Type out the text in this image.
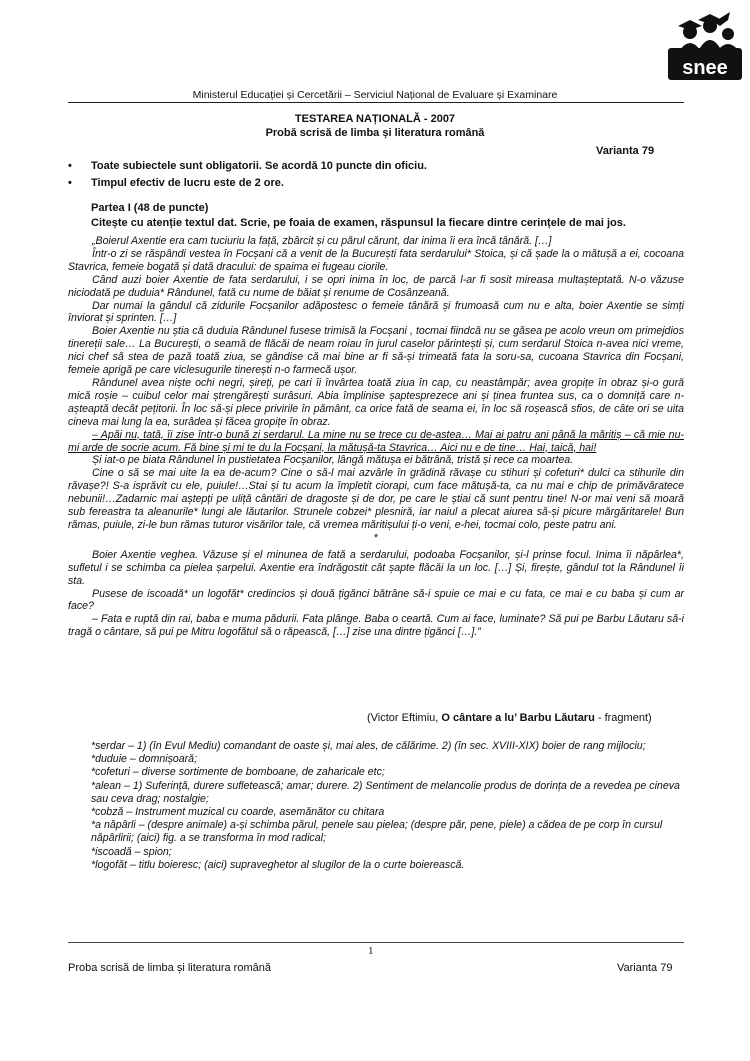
snee
Ministerul Educației și Cercetării – Serviciul Național de Evaluare și Examinare
TESTAREA NAȚIONALĂ - 2007
Probă scrisă de limba și literatura română
Varianta 79
• Toate subiectele sunt obligatorii. Se acordă 10 puncte din oficiu.
• Timpul efectiv de lucru este de 2 ore.
Partea I (48 de puncte)
Citește cu atenție textul dat. Scrie, pe foaia de examen, răspunsul la fiecare dintre cerințele de mai jos.

„Boierul Axentie era cam tuciuriu la față, zbârcit și cu părul cărunt, dar inima îi era încă tânără. […]

Într-o zi se răspândi vestea în Focșani că a venit de la București fata serdarului* Stoica, și că șade la o mătușă a ei, cocoana Stavrica, femeie bogată și dată dracului: de spaima ei fugeau ciorile.

Când auzi boier Axentie de fata serdarului, i se opri inima în loc, de parcă l-ar fi sosit mireasa multașteptată. N-o văzuse niciodată pe duduia* Rândunel, fată cu nume de băiat și renume de Cosânzeană.

Dar numai la gândul că zidurile Focșanilor adăpostesc o femeie tânără și frumoasă cum nu e alta, boier Axentie se simți înviorat și sprinten. […]

Boier Axentie nu știa că duduia Rândunel fusese trimisă la Focșani , tocmai fiindcă nu se găsea pe acolo vreun om primejdios tinereții sale… La București, o seamă de flăcăi de neam roiau în jurul caselor părintești și, cum serdarul Stoica n-avea nici vreme, nici chef să stea de pază toată ziua, se gândise că mai bine ar fi să-și trimeată fata la soru-sa, cucoana Stavrica din Focșani, femeie aprigă pe care viclesugurile tinerești n-o farmecă ușor.

Rândunel avea niște ochi negri, șireți, pe cari îi învârtea toată ziua în cap, cu neastâmpăr; avea gropițe în obraz și-o gură mică roșie – cuibul celor mai ștrengărești surâsuri. Abia împlinise șaptesprezece ani și ținea fruntea sus, ca o domniță care n-așteaptă decât pețitorii. În loc să-și plece privirile în pământ, ca orice fată de seama ei, în loc să roșească sfios, de câte ori se uita cineva mai lung la ea, surâdea și făcea gropițe în obraz.

– Apăi nu, tată, îi zise într-o bună zi serdarul. La mine nu se trece cu de-astea… Mai ai patru ani până la măritiș – că mie nu-mi arde de socrie acum. Fă bine și mi te du la Focșani, la mătușă-ta Stavrica… Aici nu e de tine… Hai, taică, hai!

Și iat-o pe biata Rândunel în pustietatea Focșanilor, lângă mătușa ei bătrână, tristă și rece ca moartea.

Cine o să se mai uite la ea de-acum? Cine o să-l mai azvârle în grădină răvașe cu stihuri și cofeturi* dulci ca stihurile din răvașe?! S-a isprăvit cu ele, puiule!…Stai și tu acum la împletit ciorapi, cum face mătușă-ta, ca nu mai e chip de primăvăratece nebunii!…Zadarnic mai aștepți pe uliță cântări de dragoste și de dor, pe care le știai că sunt pentru tine! N-or mai veni să moară sub fereastra ta aleanurile* lungi ale lăutarilor. Strunele cobzei* plesniră, iar naiul a plecat aiurea să-și picure mărgăritarele! Bun rămas, puiule, zi-le bun rămas tuturor visărilor tale, că vremea măritișului ți-o veni, e-hei, tocmai colo, peste patru ani.

*

Boier Axentie veghea. Văzuse și el minunea de fată a serdarului, podoaba Focșanilor, și-l prinse focul. Inima îi năpârlea*, sufletul i se schimba ca pielea șarpelui. Axentie era îndrăgostit cât șapte flăcăi la un loc. […] Și, firește, gândul tot la Rândunel îi sta.

Pusese de iscoadă* un logofăt* credincios și două țigănci bătrâne să-i spuie ce mai e cu fata, ce mai e cu baba și cum ar face?

– Fata e ruptă din rai, baba e muma pădurii. Fata plânge. Baba o ceartă. Cum ai face, luminate? Să pui pe Barbu Lăutaru să-i tragă o cântare, să pui pe Mitru logofătul să o răpească, […] zise una dintre țigănci […].”

(Victor Eftimiu, O cântare a lu’ Barbu Lăutaru - fragment)

*serdar – 1) (în Evul Mediu) comandant de oaste și, mai ales, de călărime. 2) (în sec. XVIII-XIX) boier de rang mijlociu;

*duduie – domnișoară;

*cofeturi – diverse sortimente de bomboane, de zaharicale etc;

*alean – 1) Suferință, durere sufletească; amar; durere. 2) Sentiment de melancolie produs de dorința de a revedea pe cineva sau ceva drag; nostalgie;

*cobză – Instrument muzical cu coarde, asemănător cu chitara

*a năpârli – (despre animale) a-și schimba părul, penele sau pielea; (despre păr, pene, piele) a cădea de pe corp în cursul năpârlirii; (aici) fig. a se transforma în mod radical;

*iscoadă – spion;

*logofăt – titlu boieresc; (aici) supraveghetor al slugilor de la o curte boierească.

1
Proba scrisă de limba și literatura română	Varianta 79
